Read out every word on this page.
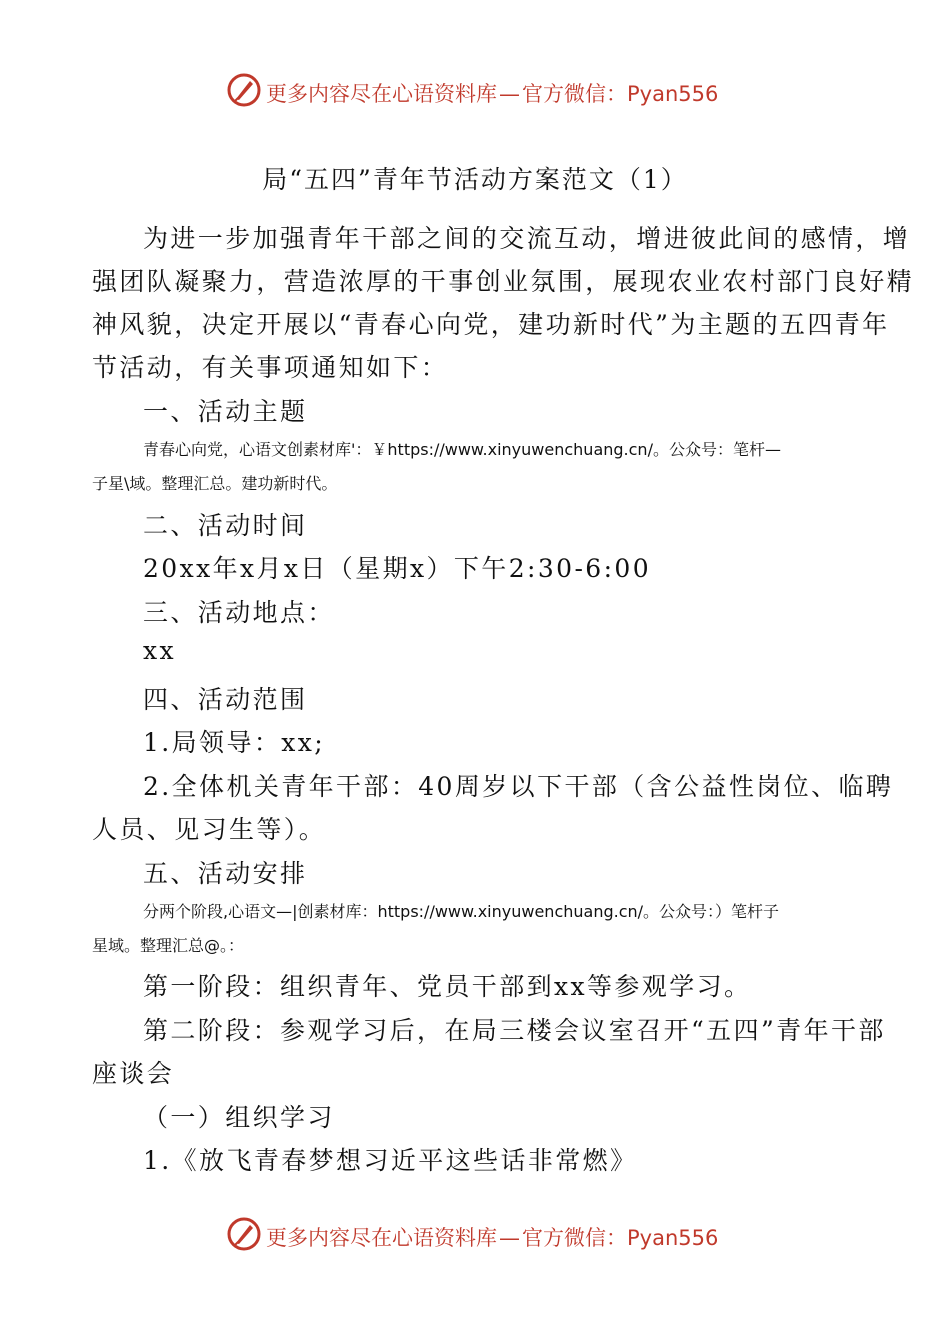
更多内容尽在心语资料库—官方微信：Pyan556
局“五四”青年节活动方案范文（1）
为进一步加强青年干部之间的交流互动，增进彼此间的感情，增
强团队凝聚力，营造浓厚的干事创业氛围，展现农业农村部门良好精
神风貌，决定开展以“青春心向党，建功新时代”为主题的五四青年
节活动，有关事项通知如下：
一、活动主题
青春心向党，心语文创素材库'：￥https://www.xinyuwenchuang.cn/。公众号：笔杆—
子星\域。整理汇总。建功新时代。
二、活动时间
20xx年x月x日（星期x）下午2:30-6:00
三、活动地点：
xx
四、活动范围
1.局领导：xx;
2.全体机关青年干部：40周岁以下干部（含公益性岗位、临聘
人员、见习生等）。
五、活动安排
分两个阶段,心语文—|创素材库：https://www.xinyuwenchuang.cn/。公众号：）笔杆子
星域。整理汇总@。：
第一阶段：组织青年、党员干部到xx等参观学习。
第二阶段：参观学习后，在局三楼会议室召开“五四”青年干部
座谈会
（一）组织学习
1.《放飞青春梦想习近平这些话非常燃》
更多内容尽在心语资料库—官方微信：Pyan556
